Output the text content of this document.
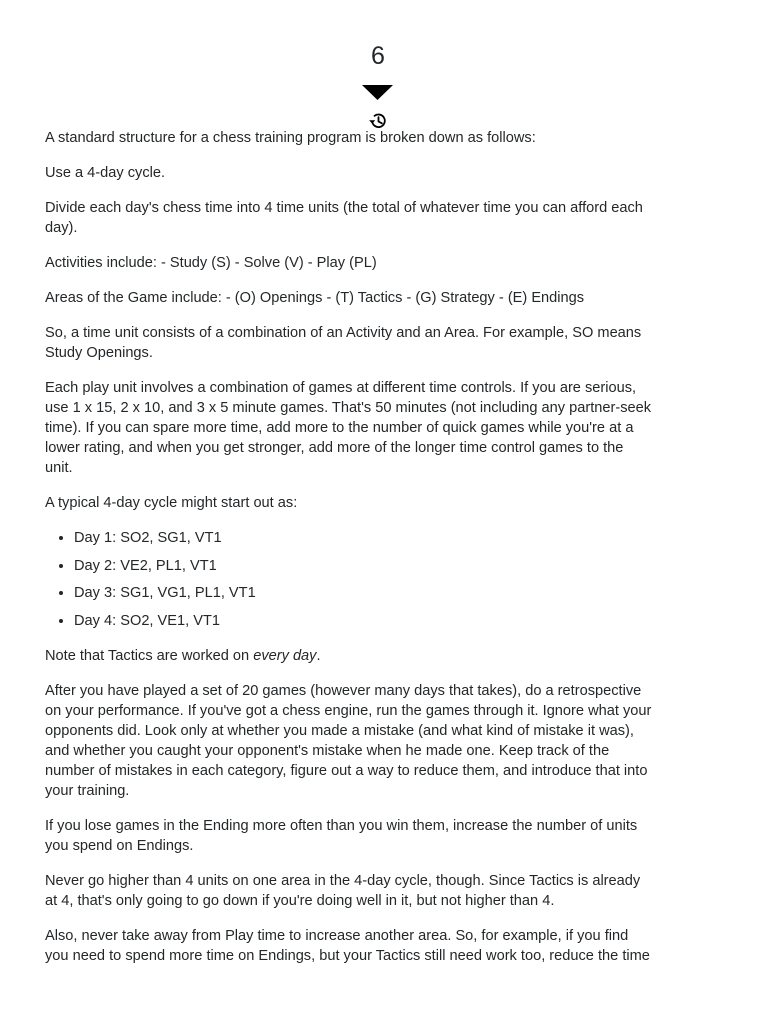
6

A standard structure for a chess training program is broken down as follows:

Use a 4-day cycle.

Divide each day's chess time into 4 time units (the total of whatever time you can afford each day).

Activities include: - Study (S) - Solve (V) - Play (PL)

Areas of the Game include: - (O) Openings - (T) Tactics - (G) Strategy - (E) Endings

So, a time unit consists of a combination of an Activity and an Area. For example, SO means Study Openings.

Each play unit involves a combination of games at different time controls. If you are serious, use 1 x 15, 2 x 10, and 3 x 5 minute games. That's 50 minutes (not including any partner-seek time). If you can spare more time, add more to the number of quick games while you're at a lower rating, and when you get stronger, add more of the longer time control games to the unit.

A typical 4-day cycle might start out as:

• Day 1: SO2, SG1, VT1
• Day 2: VE2, PL1, VT1
• Day 3: SG1, VG1, PL1, VT1
• Day 4: SO2, VE1, VT1

Note that Tactics are worked on every day.

After you have played a set of 20 games (however many days that takes), do a retrospective on your performance. If you've got a chess engine, run the games through it. Ignore what your opponents did. Look only at whether you made a mistake (and what kind of mistake it was), and whether you caught your opponent's mistake when he made one. Keep track of the number of mistakes in each category, figure out a way to reduce them, and introduce that into your training.

If you lose games in the Ending more often than you win them, increase the number of units you spend on Endings.

Never go higher than 4 units on one area in the 4-day cycle, though. Since Tactics is already at 4, that's only going to go down if you're doing well in it, but not higher than 4.

Also, never take away from Play time to increase another area. So, for example, if you find you need to spend more time on Endings, but your Tactics still need work too, reduce the time
